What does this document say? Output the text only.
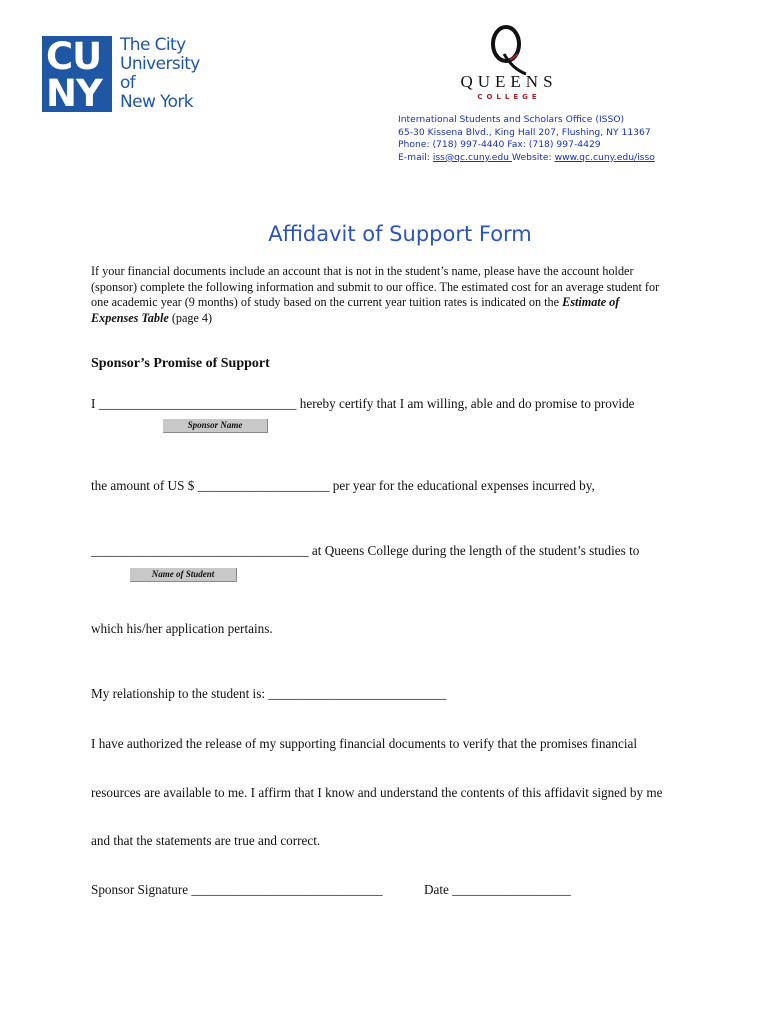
CU
NY
The City
University
of
New York
QUEENS
COLLEGE
International Students and Scholars Office (ISSO)
65-30 Kissena Blvd., King Hall 207, Flushing, NY 11367
Phone: (718) 997-4440 Fax: (718) 997-4429
E-mail: iss@qc.cuny.edu Website: www.qc.cuny.edu/isso
Affidavit of Support Form
If your financial documents include an account that is not in the student’s name, please have the account holder (sponsor) complete the following information and submit to our office. The estimated cost for an average student for one academic year (9 months) of study based on the current year tuition rates is indicated on the Estimate of Expenses Table (page 4)
Sponsor’s Promise of Support
I ______________________________ hereby certify that I am willing, able and do promise to provide
Sponsor Name
the amount of US $ ____________________ per year for the educational expenses incurred by,
_________________________________ at Queens College during the length of the student’s studies to
Name of Student
which his/her application pertains.
My relationship to the student is: ___________________________
I have authorized the release of my supporting financial documents to verify that the promises financial
resources are available to me. I affirm that I know and understand the contents of this affidavit signed by me
and that the statements are true and correct.
Sponsor Signature _____________________________	Date __________________
